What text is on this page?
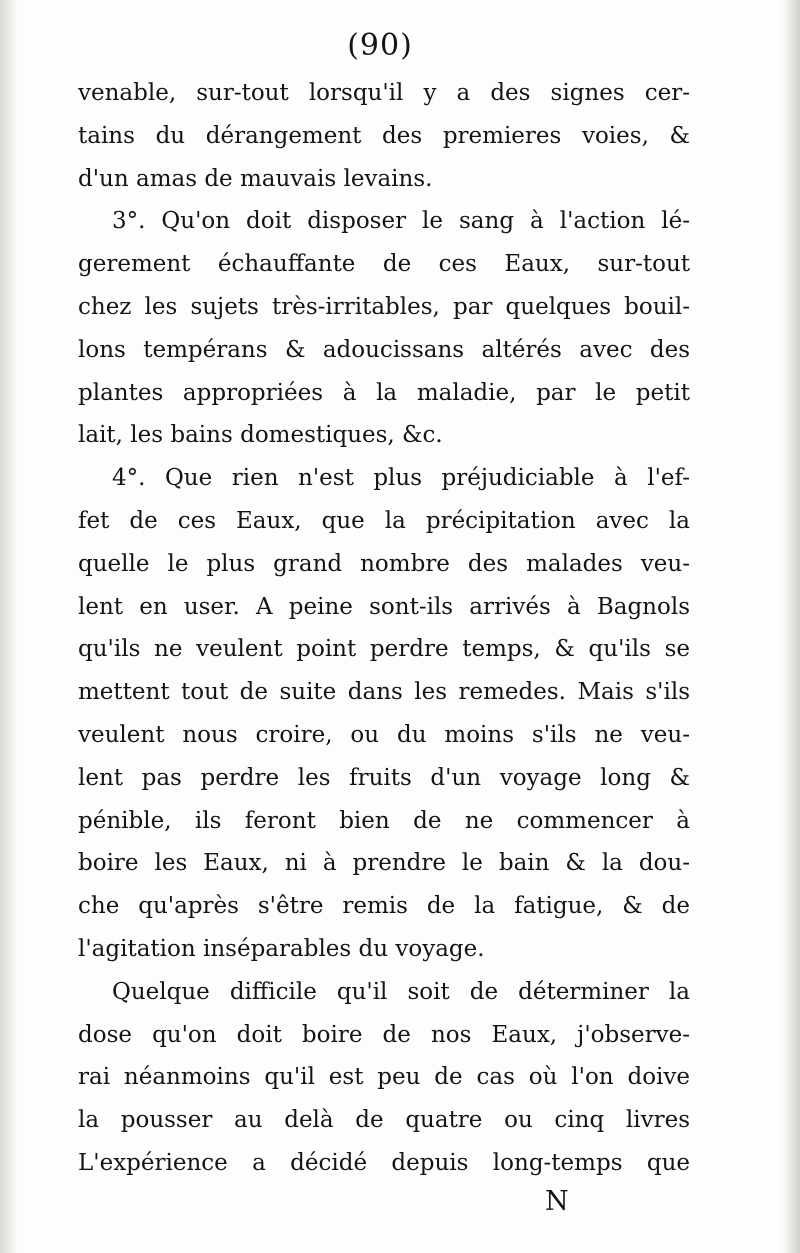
(90)
venable, sur-tout lorsqu'il y a des signes cer-
tains du dérangement des premieres voies, &
d'un amas de mauvais levains.
3°. Qu'on doit disposer le sang à l'action lé-
gerement échauffante de ces Eaux, sur-tout
chez les sujets très-irritables, par quelques bouil-
lons tempérans & adoucissans altérés avec des
plantes appropriées à la maladie, par le petit
lait, les bains domestiques, &c.
4°. Que rien n'est plus préjudiciable à l'ef-
fet de ces Eaux, que la précipitation avec la
quelle le plus grand nombre des malades veu-
lent en user. A peine sont-ils arrivés à Bagnols
qu'ils ne veulent point perdre temps, & qu'ils se
mettent tout de suite dans les remedes. Mais s'ils
veulent nous croire, ou du moins s'ils ne veu-
lent pas perdre les fruits d'un voyage long &
pénible, ils feront bien de ne commencer à
boire les Eaux, ni à prendre le bain & la dou-
che qu'après s'être remis de la fatigue, & de
l'agitation inséparables du voyage.
Quelque difficile qu'il soit de déterminer la
dose qu'on doit boire de nos Eaux, j'observe-
rai néanmoins qu'il est peu de cas où l'on doive
la pousser au delà de quatre ou cinq livres
L'expérience a décidé depuis long-temps que
N
